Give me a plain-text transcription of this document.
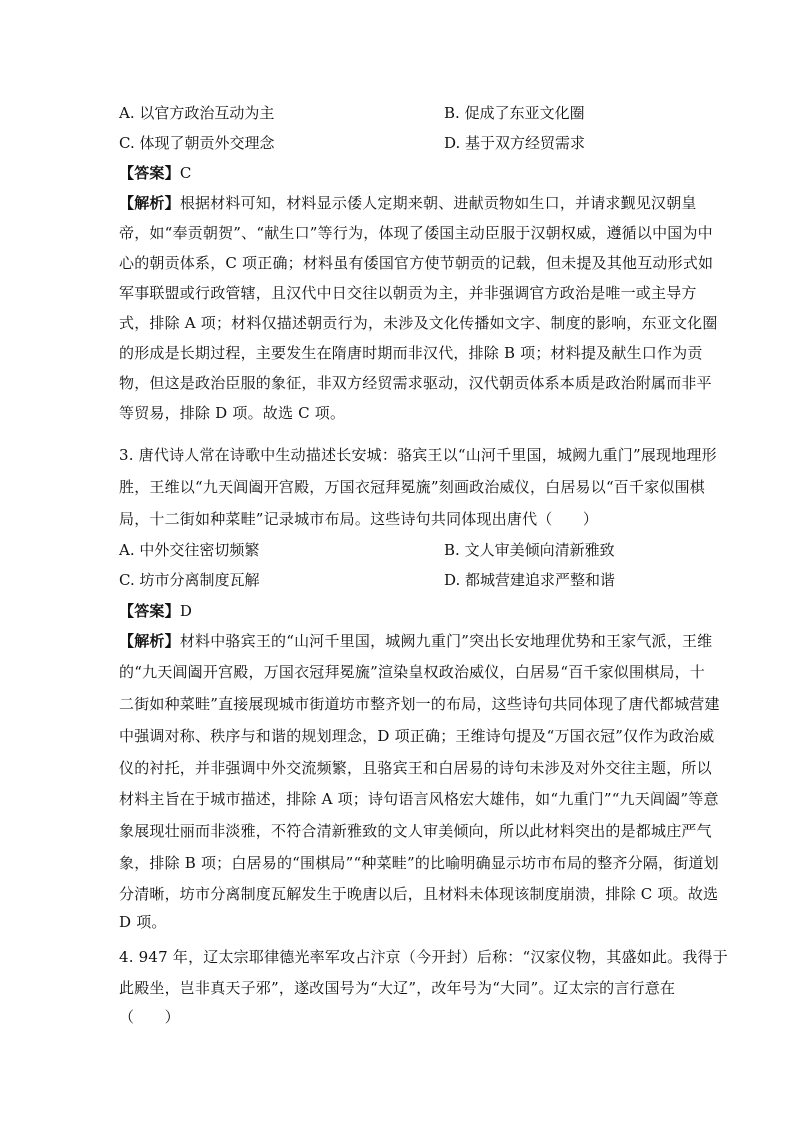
A. 以官方政治互动为主	B. 促成了东亚文化圈
C. 体现了朝贡外交理念	D. 基于双方经贸需求
【答案】C
【解析】根据材料可知，材料显示倭人定期来朝、进献贡物如生口，并请求觐见汉朝皇
帝，如“奉贡朝贺”、“献生口”等行为，体现了倭国主动臣服于汉朝权威，遵循以中国为中
心的朝贡体系，C 项正确；材料虽有倭国官方使节朝贡的记载，但未提及其他互动形式如
军事联盟或行政管辖，且汉代中日交往以朝贡为主，并非强调官方政治是唯一或主导方
式，排除 A 项；材料仅描述朝贡行为，未涉及文化传播如文字、制度的影响，东亚文化圈
的形成是长期过程，主要发生在隋唐时期而非汉代，排除 B 项；材料提及献生口作为贡
物，但这是政治臣服的象征，非双方经贸需求驱动，汉代朝贡体系本质是政治附属而非平
等贸易，排除 D 项。故选 C 项。
3. 唐代诗人常在诗歌中生动描述长安城：骆宾王以“山河千里国，城阙九重门”展现地理形
胜，王维以“九天阊阖开宫殿，万国衣冠拜冕旒”刻画政治威仪，白居易以“百千家似围棋
局，十二街如种菜畦”记录城市布局。这些诗句共同体现出唐代（　　）
A. 中外交往密切频繁	B. 文人审美倾向清新雅致
C. 坊市分离制度瓦解	D. 都城营建追求严整和谐
【答案】D
【解析】材料中骆宾王的“山河千里国，城阙九重门”突出长安地理优势和王家气派，王维
的“九天阊阖开宫殿，万国衣冠拜冕旒”渲染皇权政治威仪，白居易“百千家似围棋局，十
二街如种菜畦”直接展现城市街道坊市整齐划一的布局，这些诗句共同体现了唐代都城营建
中强调对称、秩序与和谐的规划理念，D 项正确；王维诗句提及“万国衣冠”仅作为政治威
仪的衬托，并非强调中外交流频繁，且骆宾王和白居易的诗句未涉及对外交往主题，所以
材料主旨在于城市描述，排除 A 项；诗句语言风格宏大雄伟，如“九重门”“九天阊阖”等意
象展现壮丽而非淡雅，不符合清新雅致的文人审美倾向，所以此材料突出的是都城庄严气
象，排除 B 项；白居易的“围棋局”“种菜畦”的比喻明确显示坊市布局的整齐分隔，街道划
分清晰，坊市分离制度瓦解发生于晚唐以后，且材料未体现该制度崩溃，排除 C 项。故选
D 项。
4. 947 年，辽太宗耶律德光率军攻占汴京（今开封）后称：“汉家仪物，其盛如此。我得于
此殿坐，岂非真天子邪”，遂改国号为“大辽”，改年号为“大同”。辽太宗的言行意在
（　　）
